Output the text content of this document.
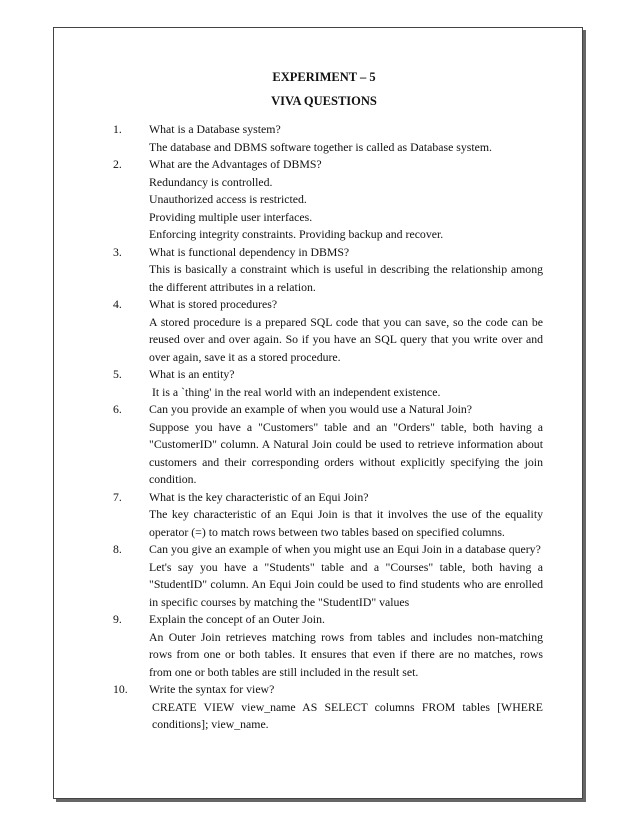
EXPERIMENT – 5
VIVA QUESTIONS
1. What is a Database system?
The database and DBMS software together is called as Database system.
2. What are the Advantages of DBMS?
Redundancy is controlled.
Unauthorized access is restricted.
Providing multiple user interfaces.
Enforcing integrity constraints. Providing backup and recover.
3. What is functional dependency in DBMS?
This is basically a constraint which is useful in describing the relationship among the different attributes in a relation.
4. What is stored procedures?
A stored procedure is a prepared SQL code that you can save, so the code can be reused over and over again. So if you have an SQL query that you write over and over again, save it as a stored procedure.
5. What is an entity?
It is a `thing' in the real world with an independent existence.
6. Can you provide an example of when you would use a Natural Join?
Suppose you have a "Customers" table and an "Orders" table, both having a "CustomerID" column. A Natural Join could be used to retrieve information about customers and their corresponding orders without explicitly specifying the join condition.
7. What is the key characteristic of an Equi Join?
The key characteristic of an Equi Join is that it involves the use of the equality operator (=) to match rows between two tables based on specified columns.
8. Can you give an example of when you might use an Equi Join in a database query?
Let's say you have a "Students" table and a "Courses" table, both having a "StudentID" column. An Equi Join could be used to find students who are enrolled in specific courses by matching the "StudentID" values
9. Explain the concept of an Outer Join.
An Outer Join retrieves matching rows from tables and includes non-matching rows from one or both tables. It ensures that even if there are no matches, rows from one or both tables are still included in the result set.
10. Write the syntax for view?
CREATE VIEW view_name AS SELECT columns FROM tables [WHERE conditions]; view_name.
